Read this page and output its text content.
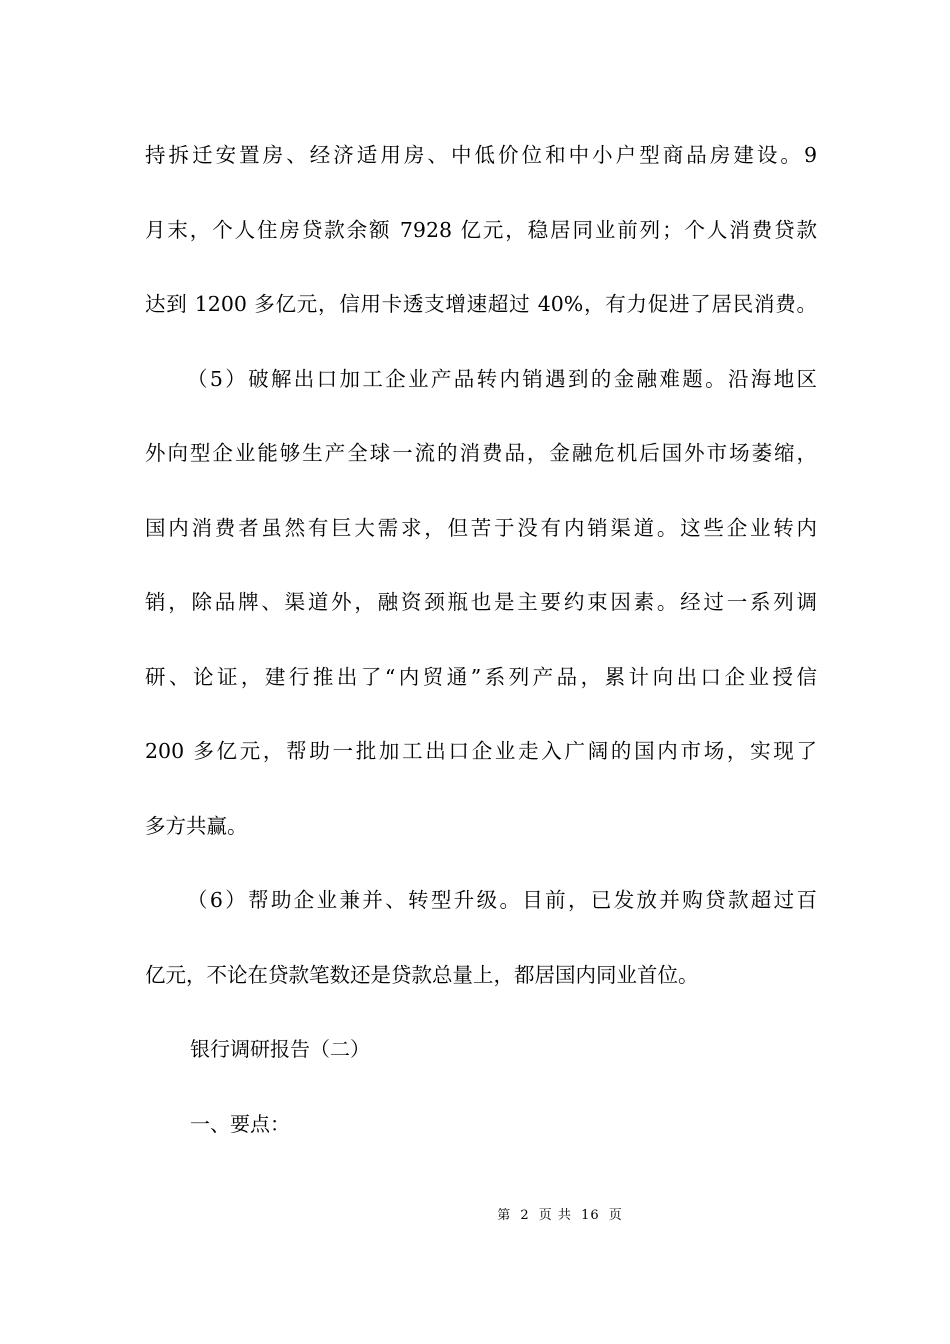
持拆迁安置房、经济适用房、中低价位和中小户型商品房建设。9
月末，个人住房贷款余额 7928 亿元，稳居同业前列；个人消费贷款
达到 1200 多亿元，信用卡透支增速超过 40%，有力促进了居民消费。
（5）破解出口加工企业产品转内销遇到的金融难题。沿海地区
外向型企业能够生产全球一流的消费品，金融危机后国外市场萎缩，
国内消费者虽然有巨大需求，但苦于没有内销渠道。这些企业转内
销，除品牌、渠道外，融资颈瓶也是主要约束因素。经过一系列调
研、论证，建行推出了“内贸通”系列产品，累计向出口企业授信
200 多亿元，帮助一批加工出口企业走入广阔的国内市场，实现了
多方共赢。
（6）帮助企业兼并、转型升级。目前，已发放并购贷款超过百
亿元，不论在贷款笔数还是贷款总量上，都居国内同业首位。
银行调研报告（二）
一、要点：
第 2 页 共 16 页
